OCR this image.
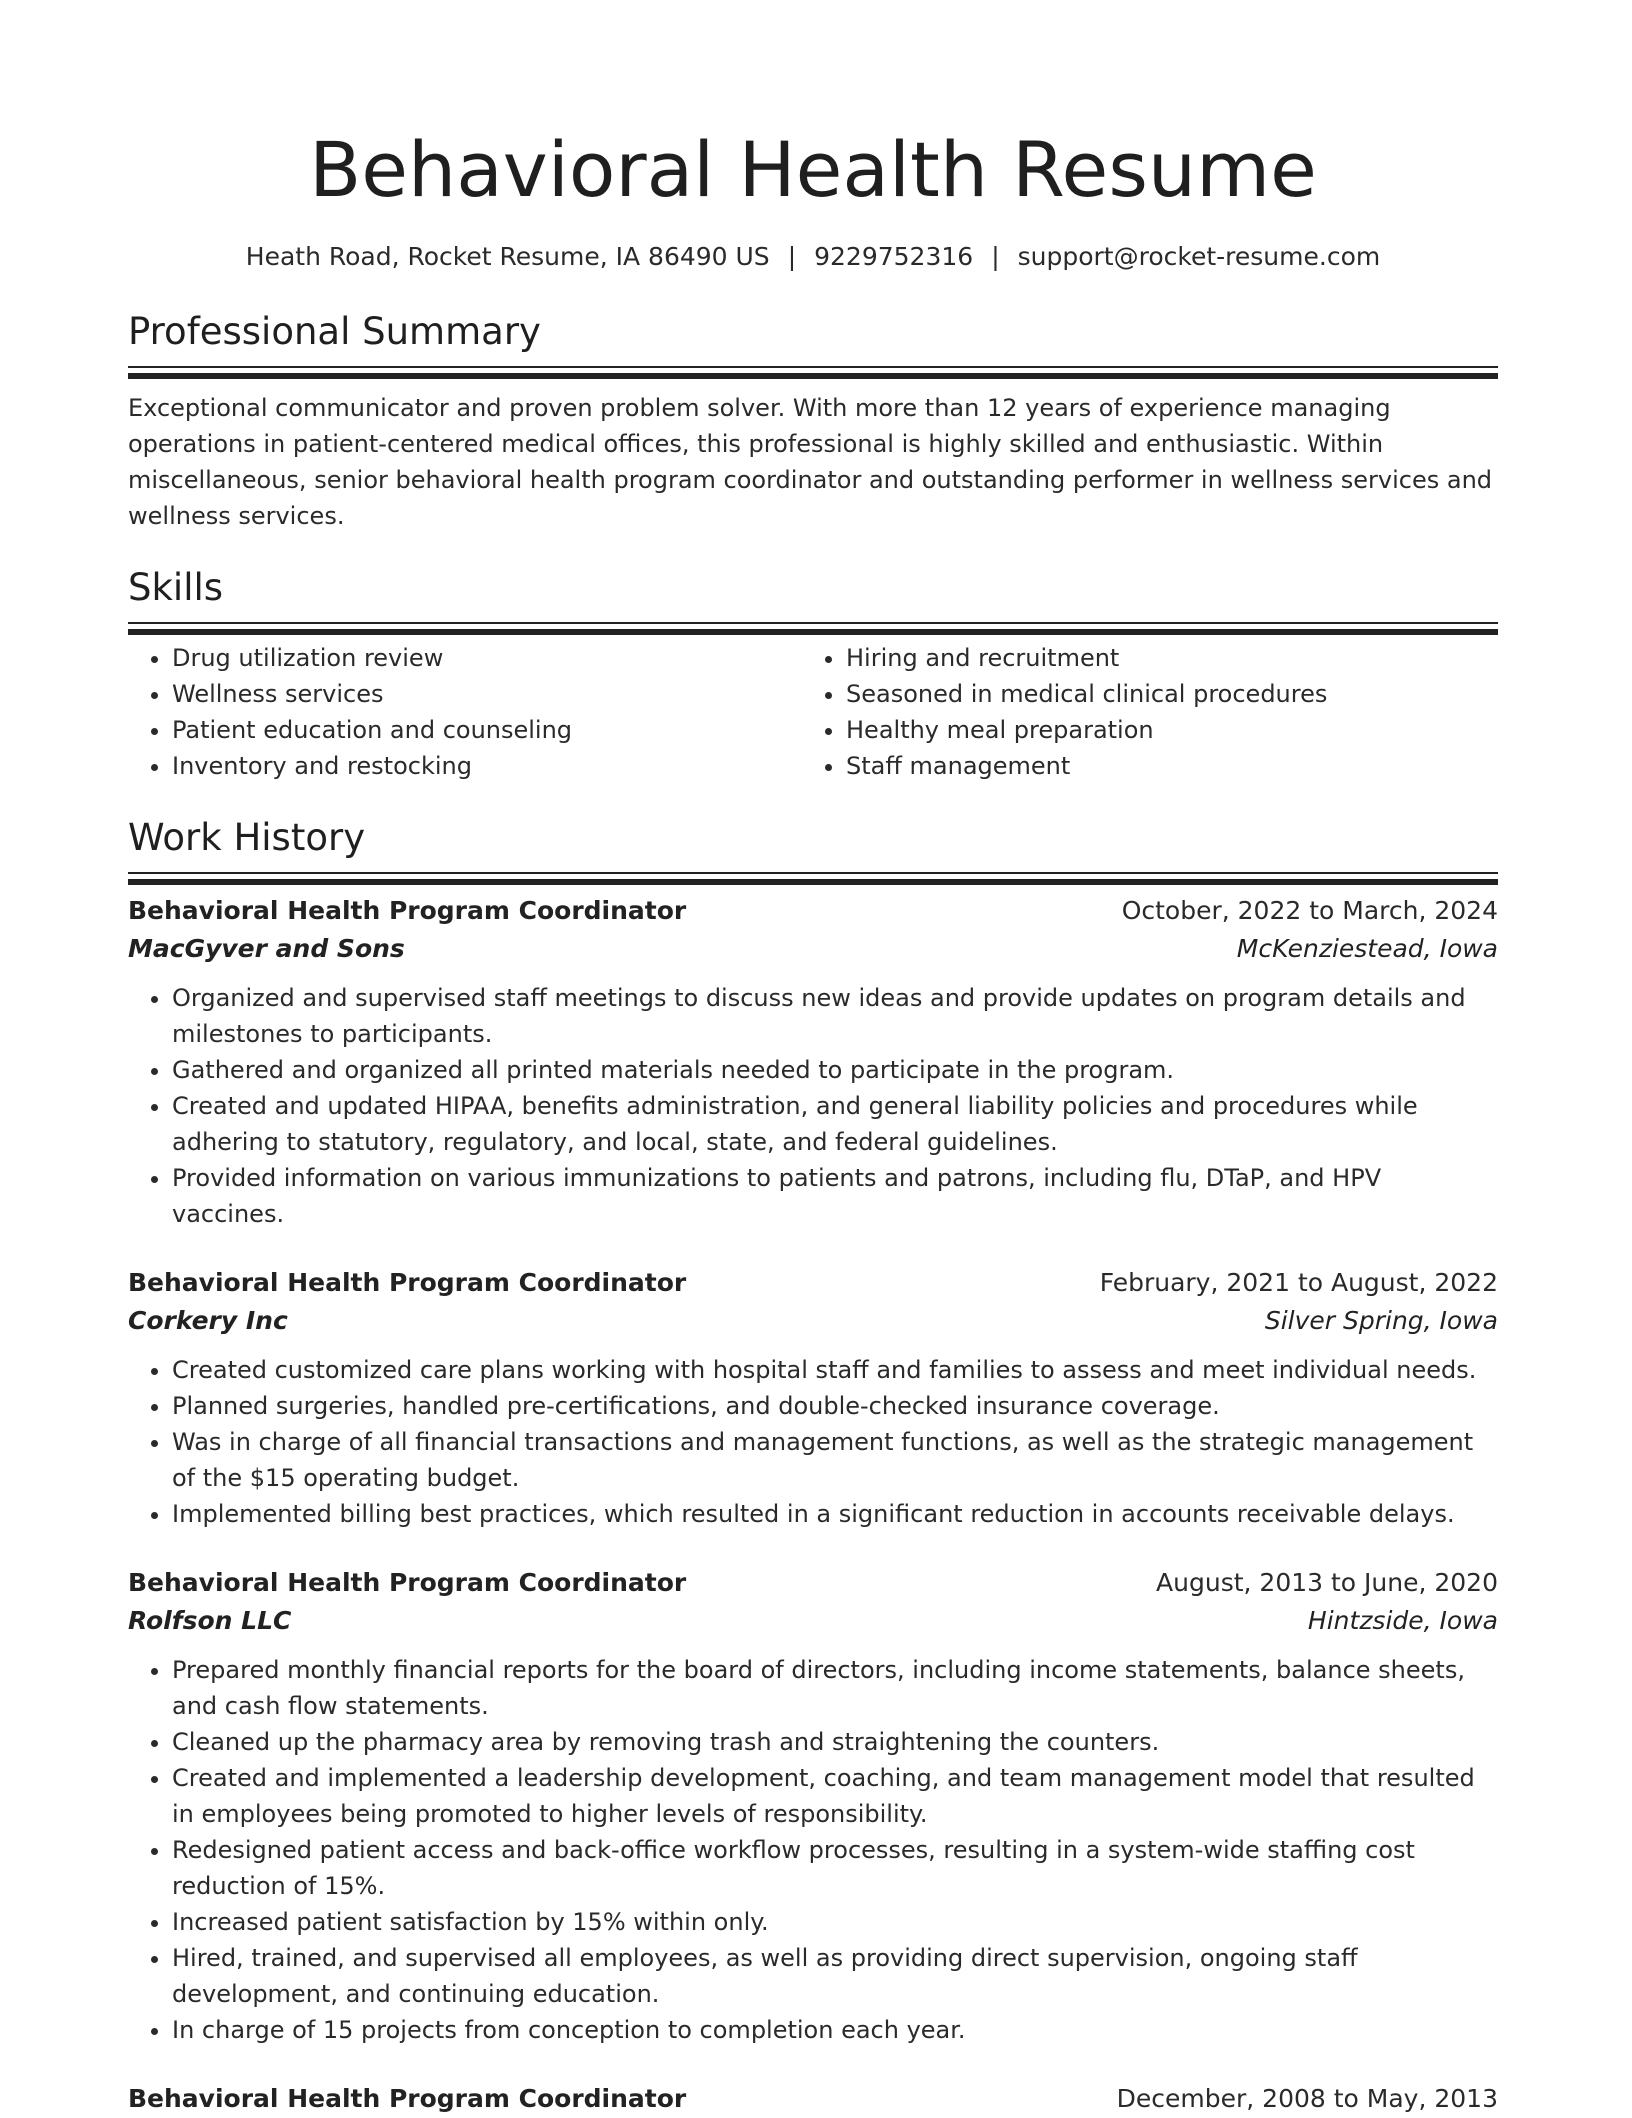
Behavioral Health Resume
Heath Road, Rocket Resume, IA 86490 US | 9229752316 | support@rocket-resume.com
Professional Summary
Exceptional communicator and proven problem solver. With more than 12 years of experience managing operations in patient-centered medical offices, this professional is highly skilled and enthusiastic. Within miscellaneous, senior behavioral health program coordinator and outstanding performer in wellness services and wellness services.
Skills
• Drug utilization review
• Wellness services
• Patient education and counseling
• Inventory and restocking
• Hiring and recruitment
• Seasoned in medical clinical procedures
• Healthy meal preparation
• Staff management
Work History
Behavioral Health Program Coordinator	October, 2022 to March, 2024
MacGyver and Sons	McKenziestead, Iowa
• Organized and supervised staff meetings to discuss new ideas and provide updates on program details and milestones to participants.
• Gathered and organized all printed materials needed to participate in the program.
• Created and updated HIPAA, benefits administration, and general liability policies and procedures while adhering to statutory, regulatory, and local, state, and federal guidelines.
• Provided information on various immunizations to patients and patrons, including flu, DTaP, and HPV vaccines.
Behavioral Health Program Coordinator	February, 2021 to August, 2022
Corkery Inc	Silver Spring, Iowa
• Created customized care plans working with hospital staff and families to assess and meet individual needs.
• Planned surgeries, handled pre-certifications, and double-checked insurance coverage.
• Was in charge of all financial transactions and management functions, as well as the strategic management of the $15 operating budget.
• Implemented billing best practices, which resulted in a significant reduction in accounts receivable delays.
Behavioral Health Program Coordinator	August, 2013 to June, 2020
Rolfson LLC	Hintzside, Iowa
• Prepared monthly financial reports for the board of directors, including income statements, balance sheets, and cash flow statements.
• Cleaned up the pharmacy area by removing trash and straightening the counters.
• Created and implemented a leadership development, coaching, and team management model that resulted in employees being promoted to higher levels of responsibility.
• Redesigned patient access and back-office workflow processes, resulting in a system-wide staffing cost reduction of 15%.
• Increased patient satisfaction by 15% within only.
• Hired, trained, and supervised all employees, as well as providing direct supervision, ongoing staff development, and continuing education.
• In charge of 15 projects from conception to completion each year.
Behavioral Health Program Coordinator	December, 2008 to May, 2013
